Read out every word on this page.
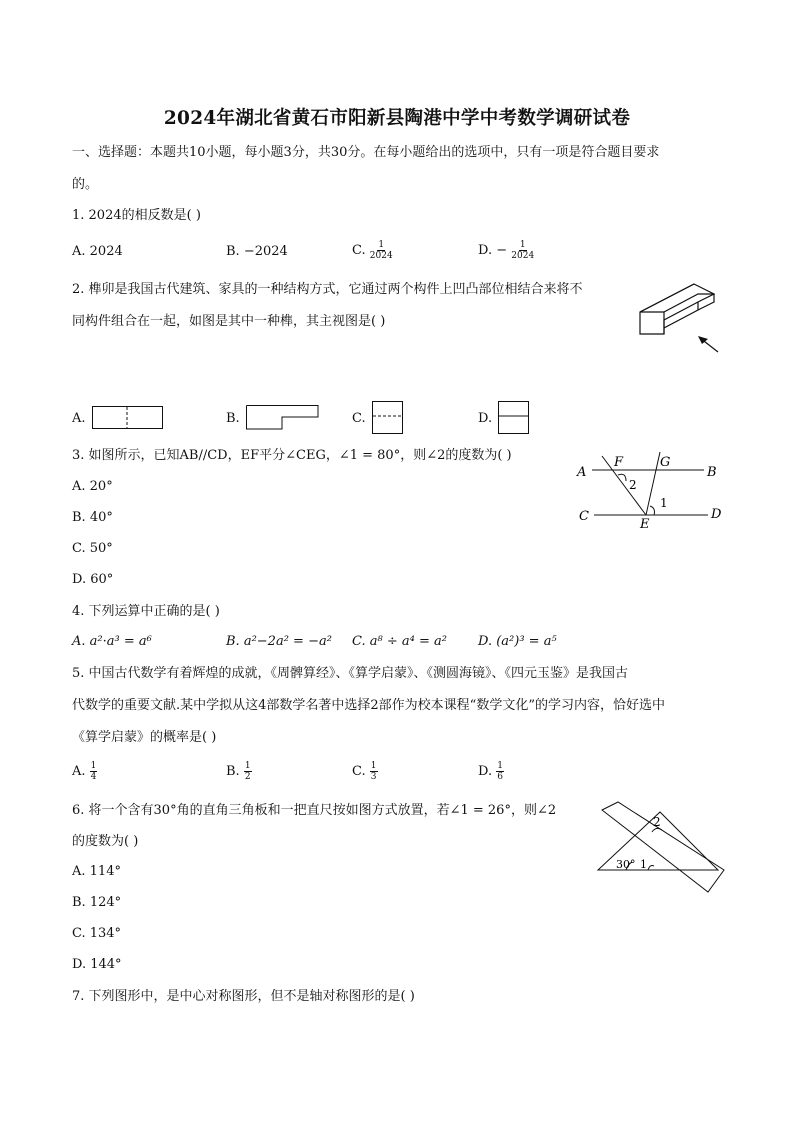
2024年湖北省黄石市阳新县陶港中学中考数学调研试卷
一、选择题：本题共10小题，每小题3分，共30分。在每小题给出的选项中，只有一项是符合题目要求
的。
1. 2024的相反数是( )
A. 2024	B. −2024	C. $\frac{1}{2024}$	D. − $\frac{1}{2024}$
2. 榫卯是我国古代建筑、家具的一种结构方式，它通过两个构件上凹凸部位相结合来将不
同构件组合在一起，如图是其中一种榫，其主视图是( )
A.	B.	C.	D.
3. 如图所示，已知AB//CD，EF平分∠CEG，∠1 = 80°，则∠2的度数为( )
A. 20°
B. 40°
C. 50°
D. 60°
A	B
C	D
E
F	G
2
1
4. 下列运算中正确的是( )
A. a²·a³ = a⁶	B. a²−2a² = −a² C. a⁸ ÷ a⁴ = a² D. (a²)³ = a⁵
5. 中国古代数学有着辉煌的成就，《周髀算经》、《算学启蒙》、《测圆海镜》、《四元玉鉴》是我国古
代数学的重要文献.某中学拟从这4部数学名著中选择2部作为校本课程“数学文化”的学习内容，恰好选中
《算学启蒙》的概率是( )
A. $\frac{1}{4}$	B. $\frac{1}{2}$	C. $\frac{1}{3}$	D. $\frac{1}{6}$
6. 将一个含有30°角的直角三角板和一把直尺按如图方式放置，若∠1 = 26°，则∠2
的度数为( )
A. 114°
B. 124°
C. 134°
D. 144°
30° 1
2
7. 下列图形中，是中心对称图形，但不是轴对称图形的是( )
